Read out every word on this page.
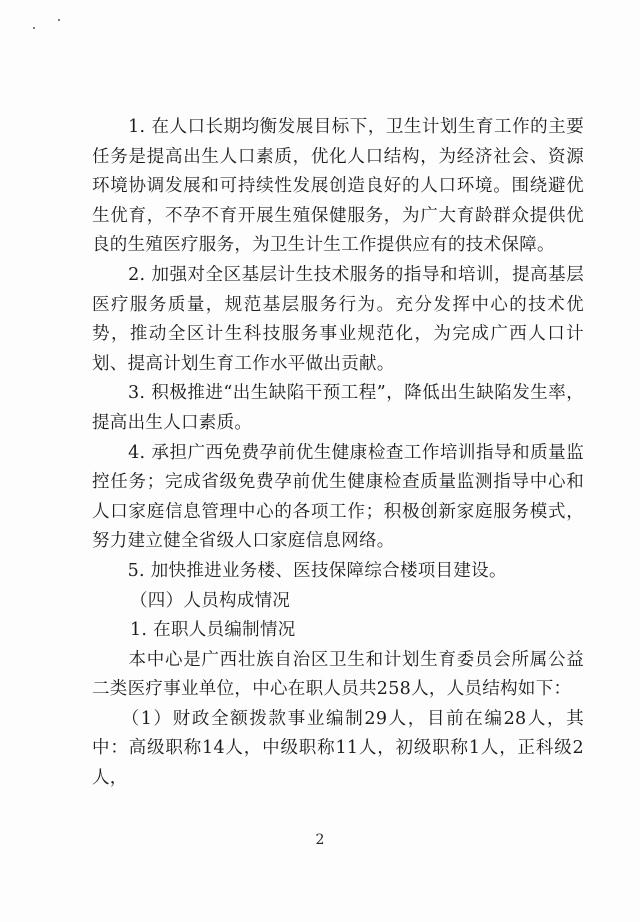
　　1. 在人口长期均衡发展目标下，卫生计划生育工作的主要任务是提高出生人口素质，优化人口结构，为经济社会、资源环境协调发展和可持续性发展创造良好的人口环境。围绕避优生优育，不孕不育开展生殖保健服务，为广大育龄群众提供优良的生殖医疗服务，为卫生计生工作提供应有的技术保障。

　　2. 加强对全区基层计生技术服务的指导和培训，提高基层医疗服务质量，规范基层服务行为。充分发挥中心的技术优势，推动全区计生科技服务事业规范化，为完成广西人口计划、提高计划生育工作水平做出贡献。

　　3. 积极推进“出生缺陷干预工程”，降低出生缺陷发生率，提高出生人口素质。

　　4. 承担广西免费孕前优生健康检查工作培训指导和质量监控任务；完成省级免费孕前优生健康检查质量监测指导中心和人口家庭信息管理中心的各项工作；积极创新家庭服务模式，努力建立健全省级人口家庭信息网络。

　　5. 加快推进业务楼、医技保障综合楼项目建设。

（四）人员构成情况

1. 在职人员编制情况

　　本中心是广西壮族自治区卫生和计划生育委员会所属公益二类医疗事业单位，中心在职人员共258人，人员结构如下：

　　（1）财政全额拨款事业编制29人，目前在编28人，其中：高级职称14人，中级职称11人，初级职称1人，正科级2人，

2
